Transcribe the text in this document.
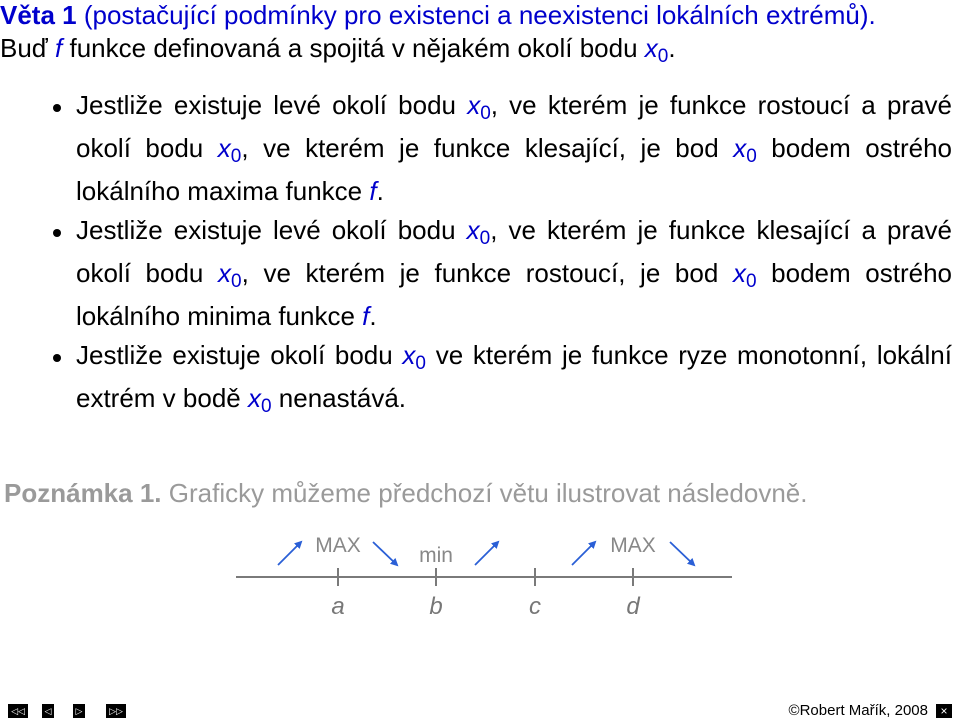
Věta 1 (postačující podmínky pro existenci a neexistenci lokálních extrémů).
Buď f funkce definovaná a spojitá v nějakém okolí bodu x0.
Jestliže existuje levé okolí bodu $x_0$, ve kterém je funkce rostoucí a pravé okolí bodu $x_0$, ve kterém je funkce klesající, je bod $x_0$ bodem ostrého lokálního maxima funkce f.
Jestliže existuje levé okolí bodu $x_0$, ve kterém je funkce klesající a pravé okolí bodu $x_0$, ve kterém je funkce rostoucí, je bod $x_0$ bodem ostrého lokálního minima funkce f.
Jestliže existuje okolí bodu $x_0$ ve kterém je funkce ryze monotonní, lokální extrém v bodě $x_0$ nenastává.
Poznámka 1. Graficky můžeme předchozí větu ilustrovat následovně.
a	b	c	d
MAX	min	MAX
◁◁	◁	▷	▷▷	©Robert Mařík, 2008	×
